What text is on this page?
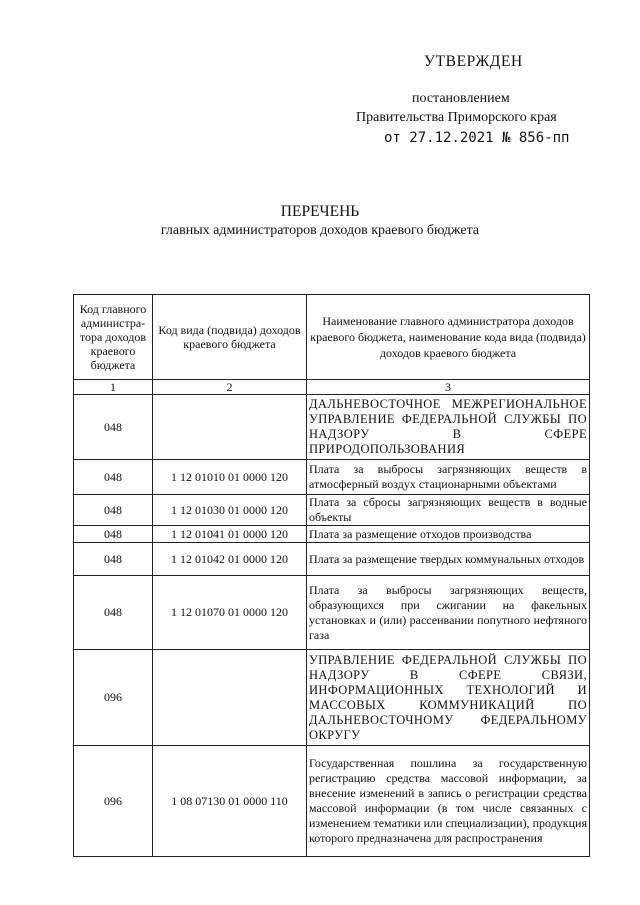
УТВЕРЖДЕН
постановлением
Правительства Приморского края
от 27.12.2021 № 856-пп
ПЕРЕЧЕНЬ
главных администраторов доходов краевого бюджета
Код главного администра-тора доходов краевого бюджета	Код вида (подвида) доходов краевого бюджета	Наименование главного администратора доходов краевого бюджета, наименование кода вида (подвида) доходов краевого бюджета
1	2	3
048		ДАЛЬНЕВОСТОЧНОЕ МЕЖРЕГИОНАЛЬНОЕ УПРАВЛЕНИЕ ФЕДЕРАЛЬНОЙ СЛУЖБЫ ПО НАДЗОРУ В СФЕРЕ ПРИРОДОПОЛЬЗОВАНИЯ
048	1 12 01010 01 0000 120	Плата за выбросы загрязняющих веществ в атмосферный воздух стационарными объектами
048	1 12 01030 01 0000 120	Плата за сбросы загрязняющих веществ в водные объекты
048	1 12 01041 01 0000 120	Плата за размещение отходов производства
048	1 12 01042 01 0000 120	Плата за размещение твердых коммунальных отходов
048	1 12 01070 01 0000 120	Плата за выбросы загрязняющих веществ, образующихся при сжигании на факельных установках и (или) рассеивании попутного нефтяного газа
096		УПРАВЛЕНИЕ ФЕДЕРАЛЬНОЙ СЛУЖБЫ ПО НАДЗОРУ В СФЕРЕ СВЯЗИ, ИНФОРМАЦИОННЫХ ТЕХНОЛОГИЙ И МАССОВЫХ КОММУНИКАЦИЙ ПО ДАЛЬНЕВОСТОЧНОМУ ФЕДЕРАЛЬНОМУ ОКРУГУ
096	1 08 07130 01 0000 110	Государственная пошлина за государственную регистрацию средства массовой информации, за внесение изменений в запись о регистрации средства массовой информации (в том числе связанных с изменением тематики или специализации), продукция которого предназначена для распространения
